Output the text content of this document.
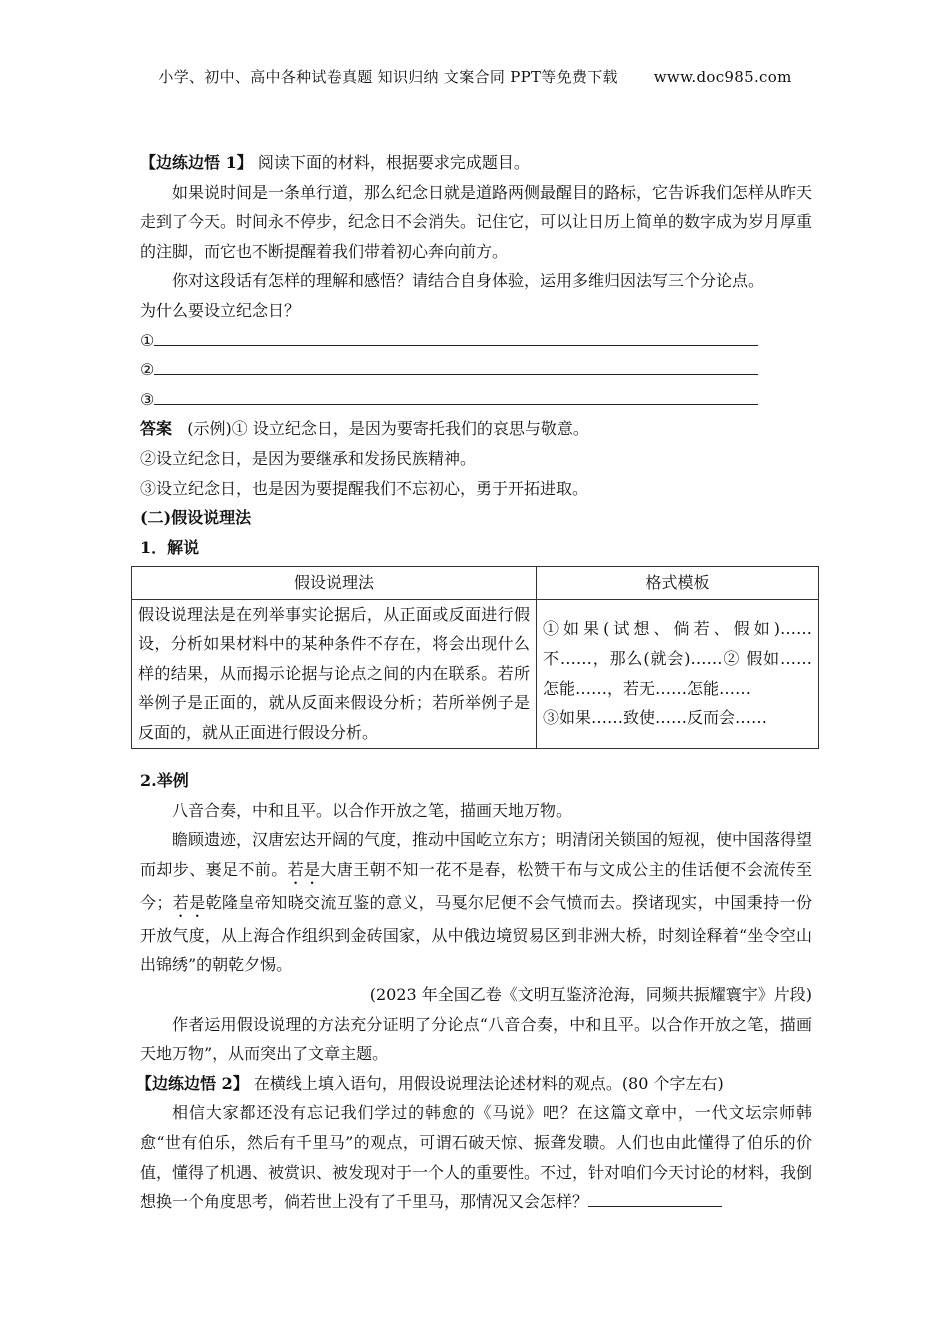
小学、初中、高中各种试卷真题 知识归纳 文案合同 PPT等免费下载 www.doc985.com

【边练边悟 1】 阅读下面的材料，根据要求完成题目。

如果说时间是一条单行道，那么纪念日就是道路两侧最醒目的路标，它告诉我们怎样从昨天走到了今天。时间永不停步，纪念日不会消失。记住它，可以让日历上简单的数字成为岁月厚重的注脚，而它也不断提醒着我们带着初心奔向前方。

你对这段话有怎样的理解和感悟？请结合自身体验，运用多维归因法写三个分论点。

为什么要设立纪念日？

①

②

③

答案 (示例)① 设立纪念日，是因为要寄托我们的哀思与敬意。

②设立纪念日，是因为要继承和发扬民族精神。

③设立纪念日，也是因为要提醒我们不忘初心，勇于开拓进取。

(二)假设说理法

1．解说

假设说理法	格式模板
假设说理法是在列举事实论据后，从正面或反面进行假设，分析如果材料中的某种条件不存在，将会出现什么样的结果，从而揭示论据与论点之间的内在联系。若所举例子是正面的，就从反面来假设分析；若所举例子是反面的，就从正面进行假设分析。	①如果(试想、倘若、假如)……不……，那么(就会)……② 假如……怎能……，若无……怎能……
③如果……致使……反而会……

2.举例

八音合奏，中和且平。以合作开放之笔，描画天地万物。

瞻顾遗迹，汉唐宏达开阔的气度，推动中国屹立东方；明清闭关锁国的短视，使中国落得望而却步、裹足不前。若是大唐王朝不知一花不是春，松赞干布与文成公主的佳话便不会流传至今；若是乾隆皇帝知晓交流互鉴的意义，马戛尔尼便不会气愤而去。揆诸现实，中国秉持一份开放气度，从上海合作组织到金砖国家，从中俄边境贸易区到非洲大桥，时刻诠释着“坐令空山出锦绣”的朝乾夕惕。

(2023 年全国乙卷《文明互鉴济沧海，同频共振耀寰宇》片段)

作者运用假设说理的方法充分证明了分论点“八音合奏，中和且平。以合作开放之笔，描画天地万物”，从而突出了文章主题。

【边练边悟 2】 在横线上填入语句，用假设说理法论述材料的观点。(80 个字左右)

相信大家都还没有忘记我们学过的韩愈的《马说》吧？在这篇文章中，一代文坛宗师韩愈“世有伯乐，然后有千里马”的观点，可谓石破天惊、振聋发聩。人们也由此懂得了伯乐的价值，懂得了机遇、被赏识、被发现对于一个人的重要性。不过，针对咱们今天讨论的材料，我倒想换一个角度思考，倘若世上没有了千里马，那情况又会怎样？
